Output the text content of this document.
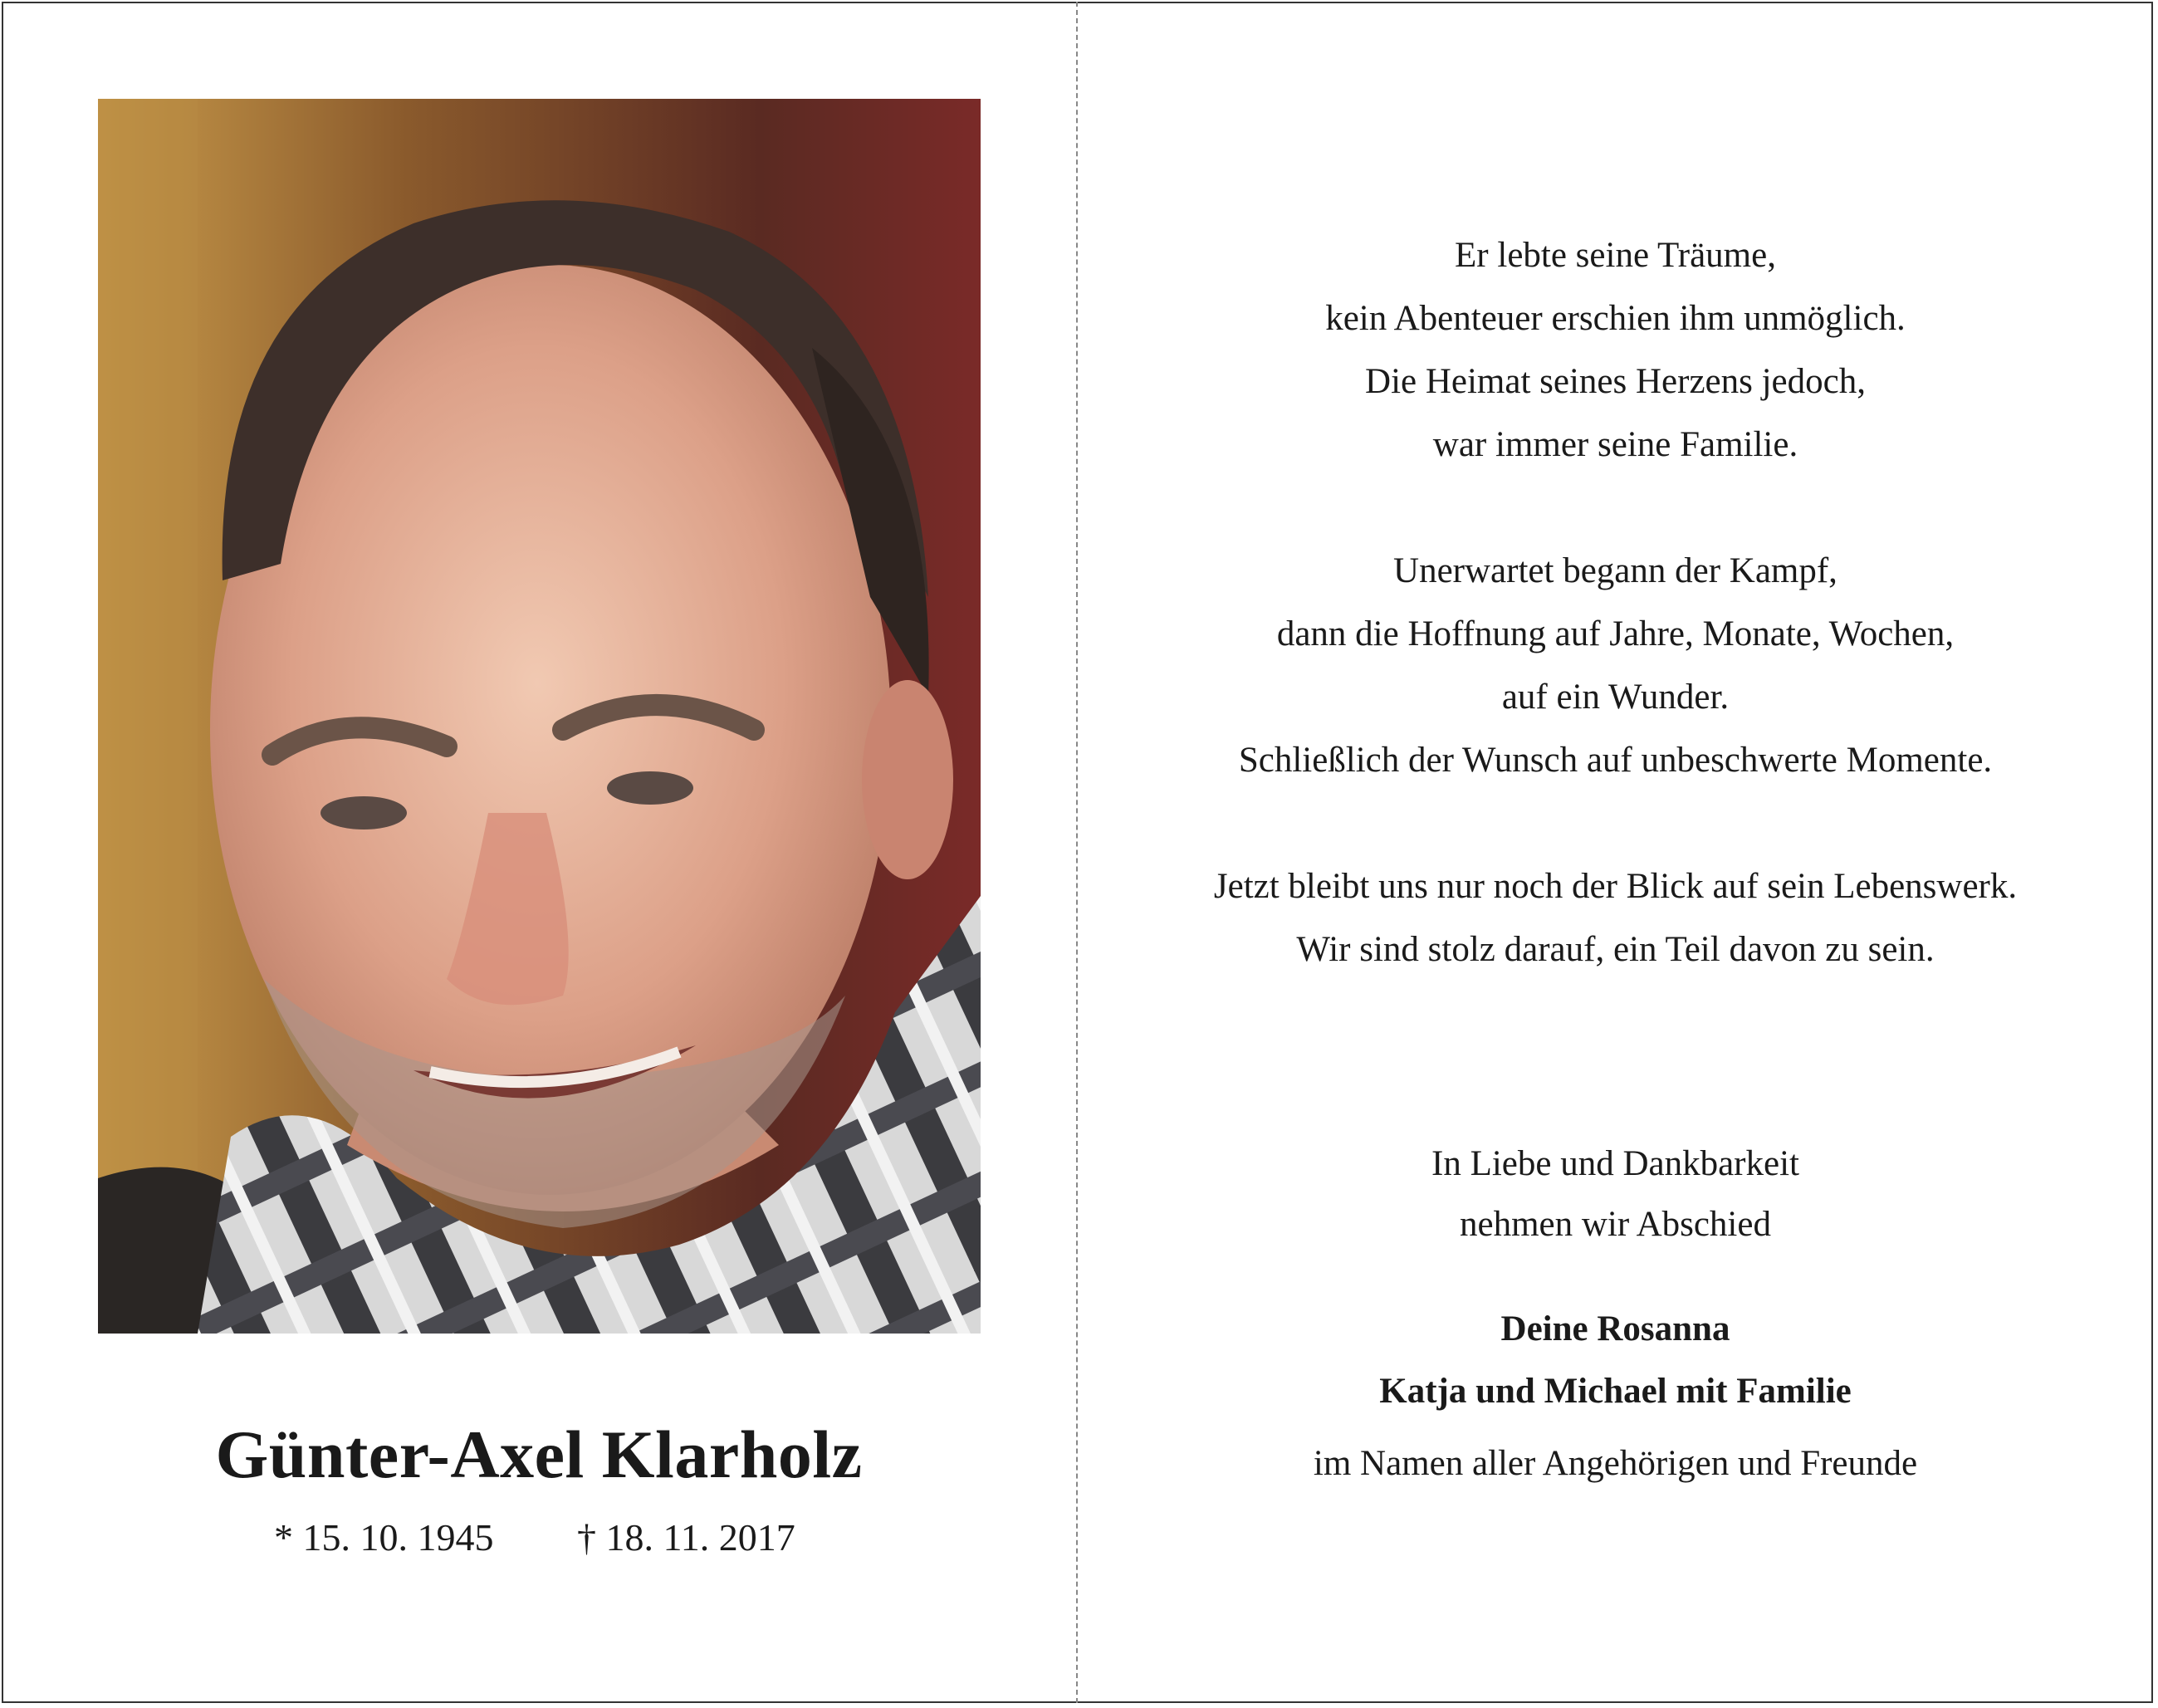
Günter-Axel Klarholz
* 15. 10. 1945 † 18. 11. 2017
Er lebte seine Träume,
kein Abenteuer erschien ihm unmöglich.
Die Heimat seines Herzens jedoch,
war immer seine Familie.
Unerwartet begann der Kampf,
dann die Hoffnung auf Jahre, Monate, Wochen,
auf ein Wunder.
Schließlich der Wunsch auf unbeschwerte Momente.
Jetzt bleibt uns nur noch der Blick auf sein Lebenswerk.
Wir sind stolz darauf, ein Teil davon zu sein.
In Liebe und Dankbarkeit
nehmen wir Abschied
Deine Rosanna
Katja und Michael mit Familie
im Namen aller Angehörigen und Freunde
